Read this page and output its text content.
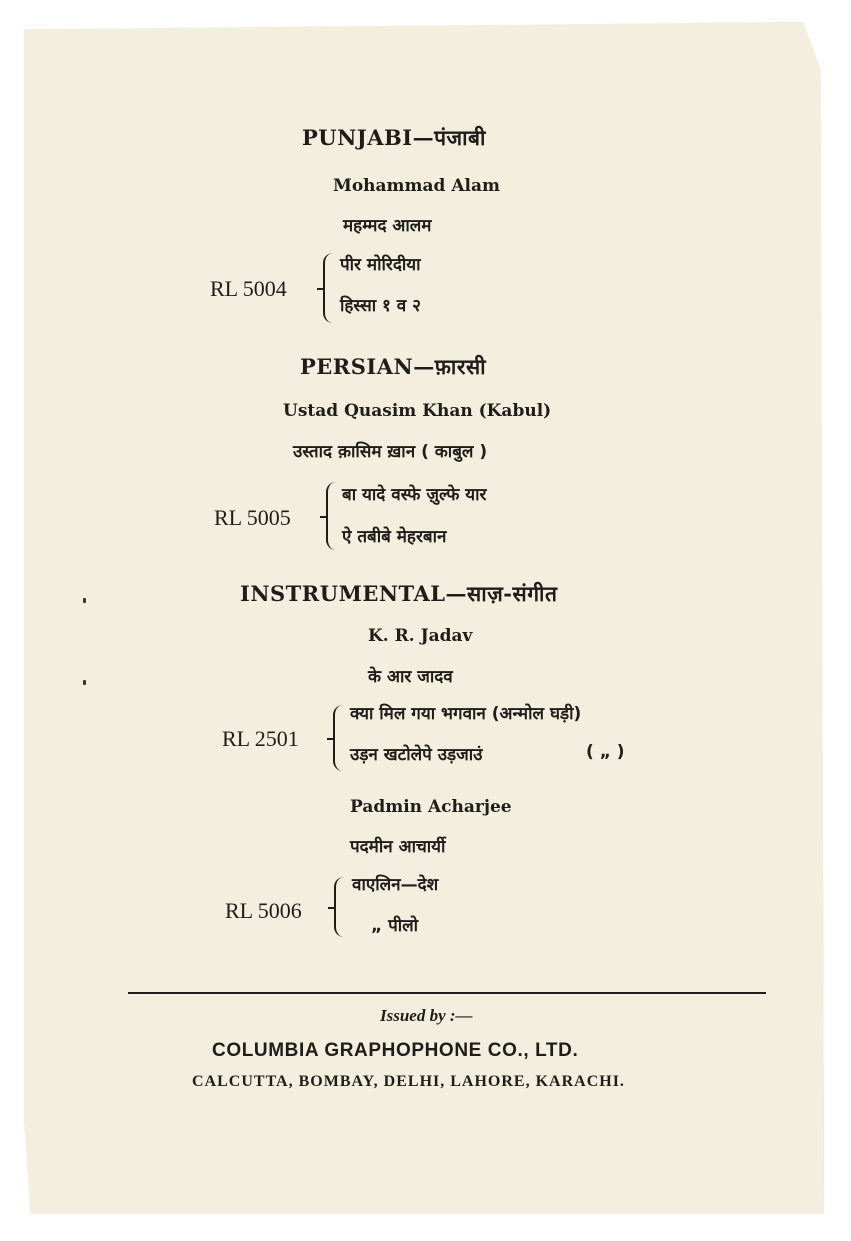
PUNJABI—पंजाबी
Mohammad Alam
महम्मद आलम
RL 5004
पीर मोरिदीया
हिस्सा १ व २
PERSIAN—फ़ारसी
Ustad Quasim Khan (Kabul)
उस्ताद क़ासिम ख़ान ( काबुल )
RL 5005
बा यादे वस्फे ज़ुल्फे यार
ऐ तबीबे मेहरबान
INSTRUMENTAL—साज़-संगीत
K. R. Jadav
के आर जादव
RL 2501
क्या मिल गया भगवान (अन्मोल घड़ी)
उड़न खटोलेपे उड़जाउं	( „ )
Padmin Acharjee
पदमीन आचार्यी
RL 5006
वाएलिन—देश
„ पीलो
Issued by :—
COLUMBIA GRAPHOPHONE CO., LTD.
CALCUTTA, BOMBAY, DELHI, LAHORE, KARACHI.
